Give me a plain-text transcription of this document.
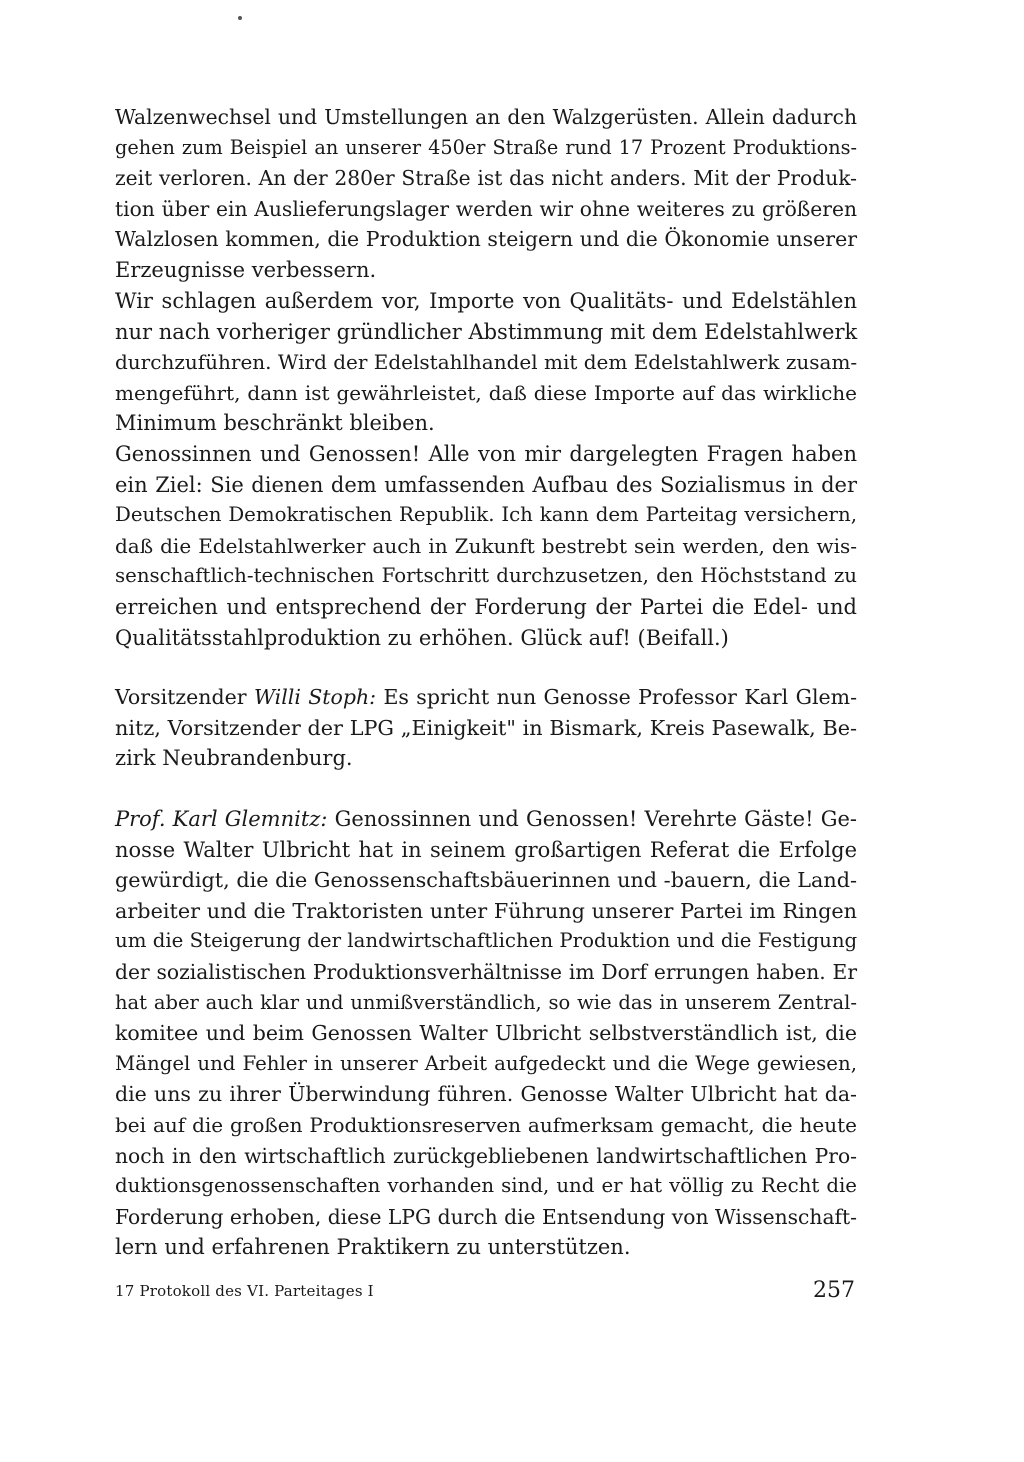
Walzenwechsel und Umstellungen an den Walzgerüsten. Allein dadurch
gehen zum Beispiel an unserer 450er Straße rund 17 Prozent Produktions-
zeit verloren. An der 280er Straße ist das nicht anders. Mit der Produk-
tion über ein Auslieferungslager werden wir ohne weiteres zu größeren
Walzlosen kommen, die Produktion steigern und die Ökonomie unserer
Erzeugnisse verbessern.
Wir schlagen außerdem vor, Importe von Qualitäts- und Edelstählen
nur nach vorheriger gründlicher Abstimmung mit dem Edelstahlwerk
durchzuführen. Wird der Edelstahlhandel mit dem Edelstahlwerk zusam-
mengeführt, dann ist gewährleistet, daß diese Importe auf das wirkliche
Minimum beschränkt bleiben.
Genossinnen und Genossen! Alle von mir dargelegten Fragen haben
ein Ziel: Sie dienen dem umfassenden Aufbau des Sozialismus in der
Deutschen Demokratischen Republik. Ich kann dem Parteitag versichern,
daß die Edelstahlwerker auch in Zukunft bestrebt sein werden, den wis-
senschaftlich-technischen Fortschritt durchzusetzen, den Höchststand zu
erreichen und entsprechend der Forderung der Partei die Edel- und
Qualitätsstahlproduktion zu erhöhen. Glück auf! (Beifall.)
Vorsitzender Willi Stoph: Es spricht nun Genosse Professor Karl Glem-
nitz, Vorsitzender der LPG „Einigkeit" in Bismark, Kreis Pasewalk, Be-
zirk Neubrandenburg.
Prof. Karl Glemnitz: Genossinnen und Genossen! Verehrte Gäste! Ge-
nosse Walter Ulbricht hat in seinem großartigen Referat die Erfolge
gewürdigt, die die Genossenschaftsbäuerinnen und -bauern, die Land-
arbeiter und die Traktoristen unter Führung unserer Partei im Ringen
um die Steigerung der landwirtschaftlichen Produktion und die Festigung
der sozialistischen Produktionsverhältnisse im Dorf errungen haben. Er
hat aber auch klar und unmißverständlich, so wie das in unserem Zentral-
komitee und beim Genossen Walter Ulbricht selbstverständlich ist, die
Mängel und Fehler in unserer Arbeit aufgedeckt und die Wege gewiesen,
die uns zu ihrer Überwindung führen. Genosse Walter Ulbricht hat da-
bei auf die großen Produktionsreserven aufmerksam gemacht, die heute
noch in den wirtschaftlich zurückgebliebenen landwirtschaftlichen Pro-
duktionsgenossenschaften vorhanden sind, und er hat völlig zu Recht die
Forderung erhoben, diese LPG durch die Entsendung von Wissenschaft-
lern und erfahrenen Praktikern zu unterstützen.
17 Protokoll des VI. Parteitages I	257
